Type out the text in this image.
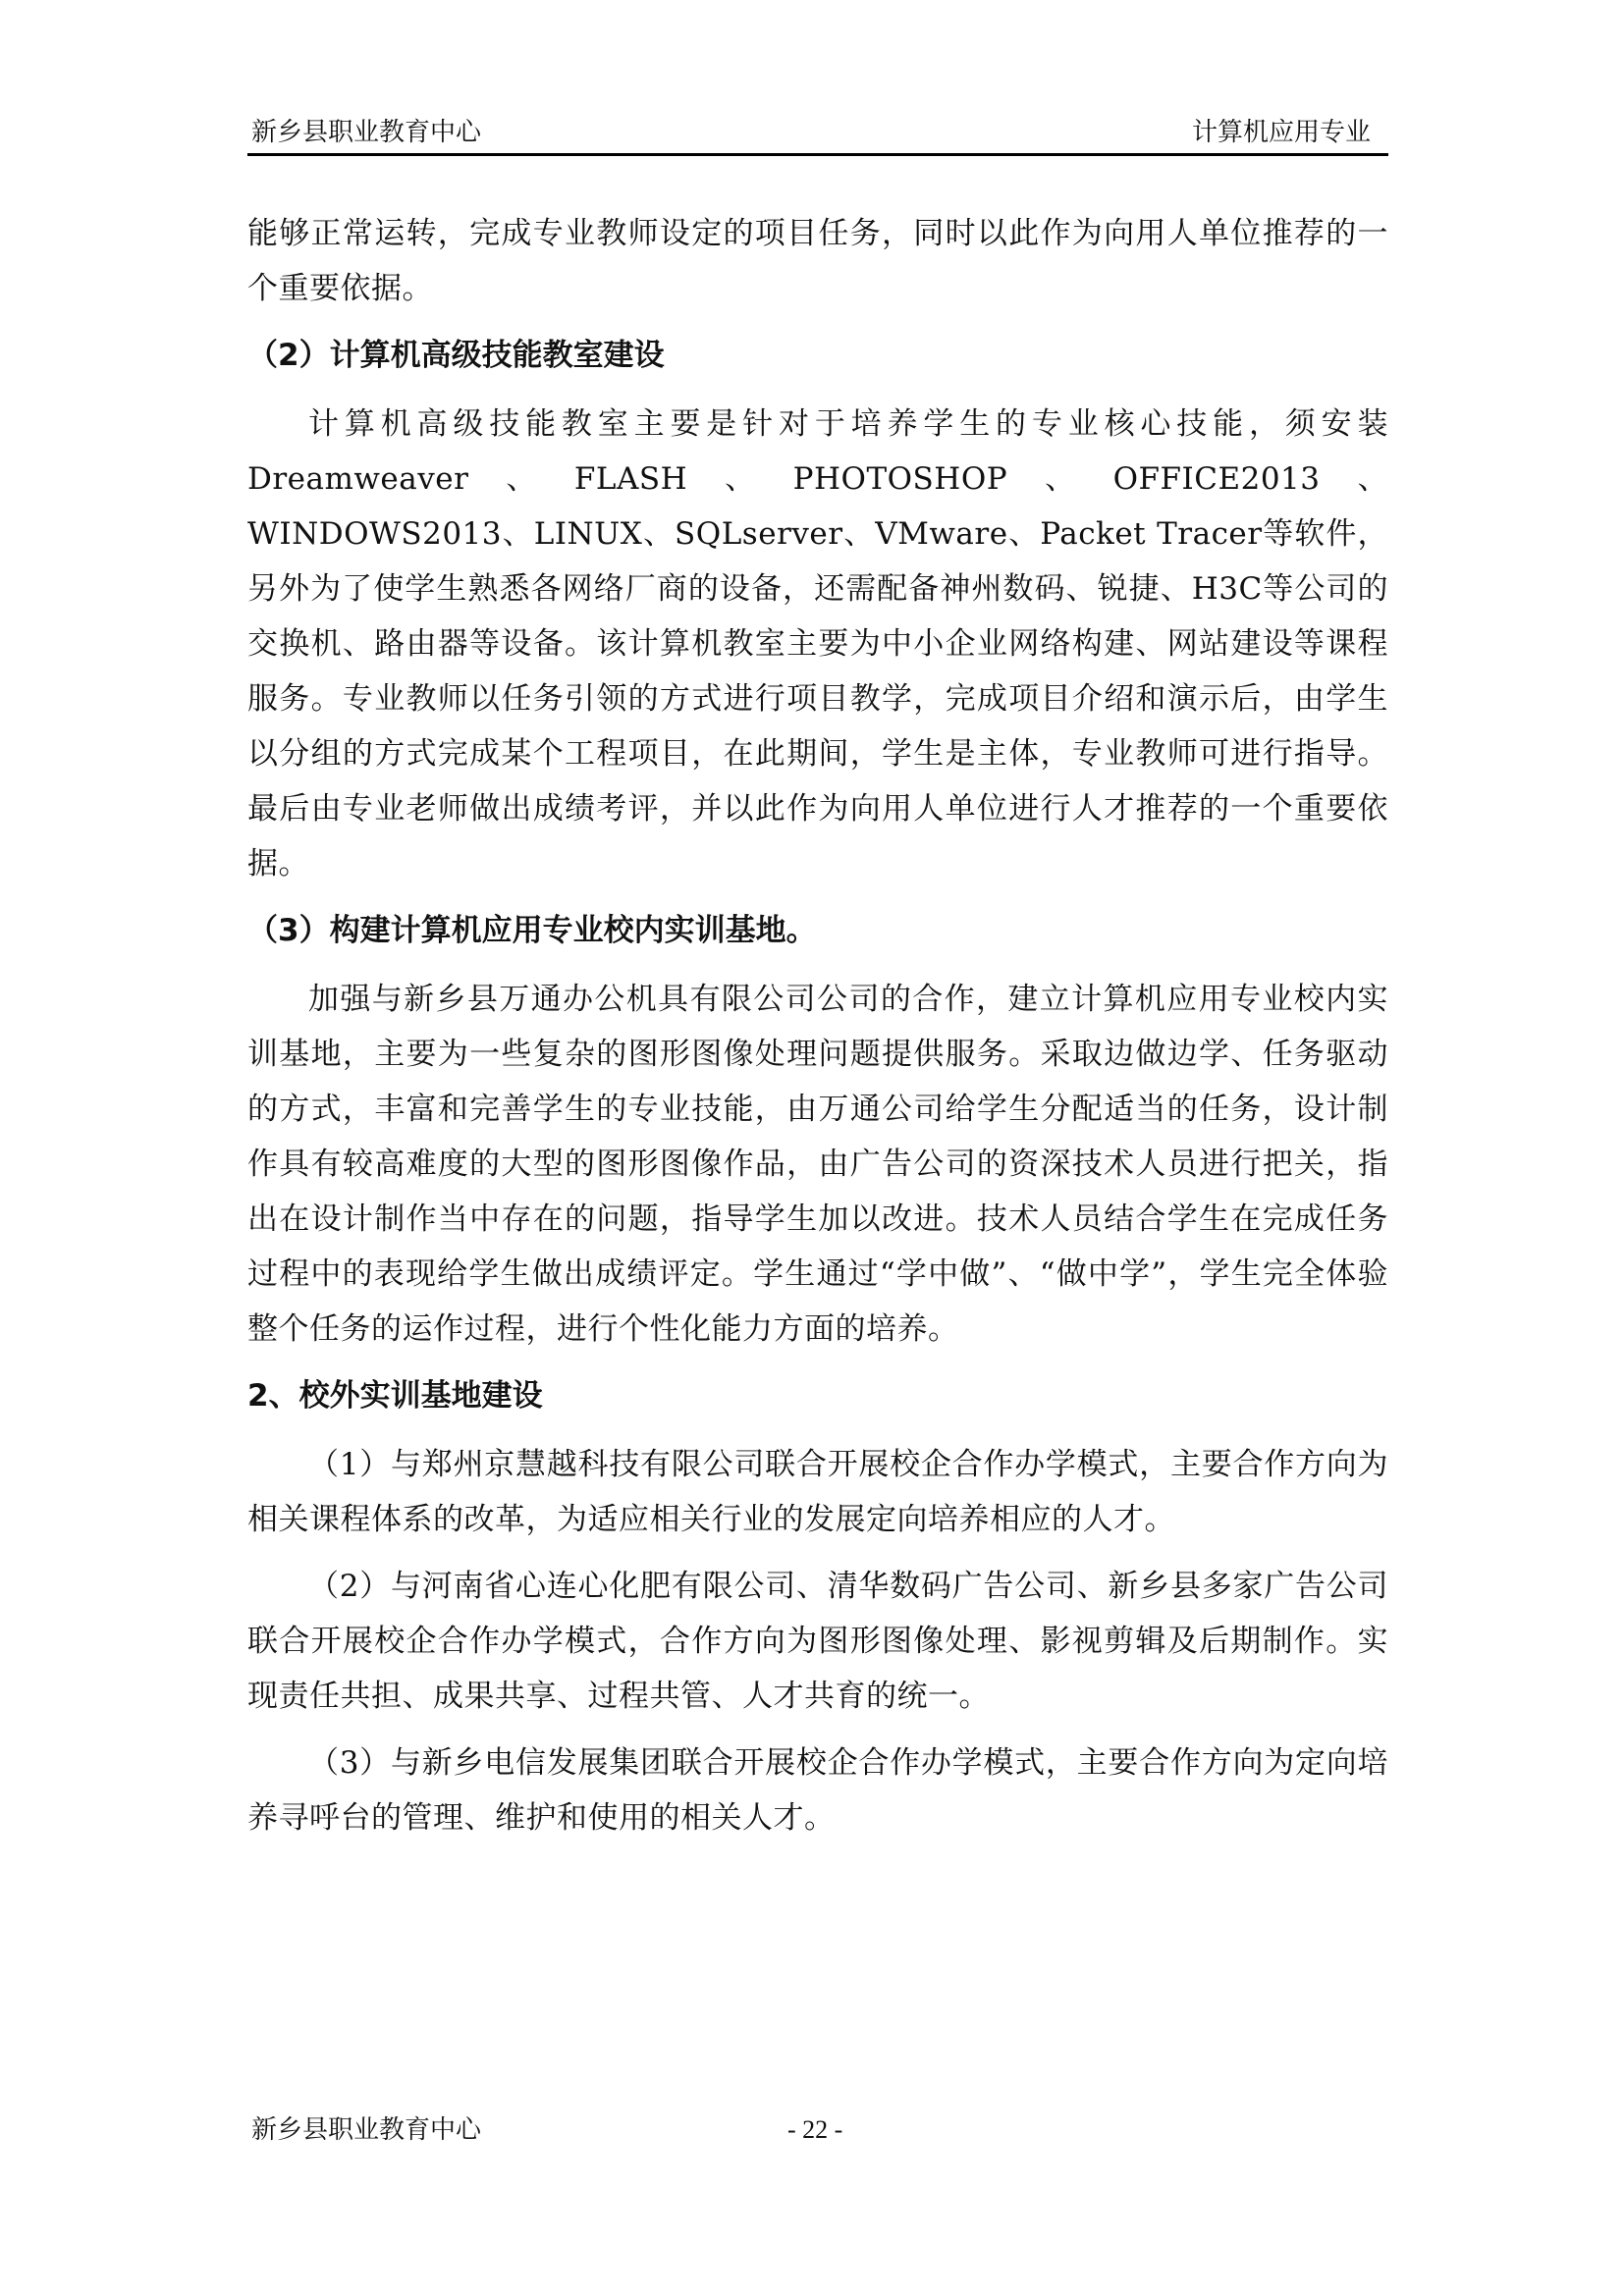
新乡县职业教育中心	计算机应用专业

能够正常运转，完成专业教师设定的项目任务，同时以此作为向用人单位推荐的一个重要依据。

（2）计算机高级技能教室建设

计算机高级技能教室主要是针对于培养学生的专业核心技能，须安装Dreamweaver、FLASH、PHOTOSHOP、OFFICE2013、WINDOWS2013、LINUX、SQLserver、VMware、Packet Tracer等软件，另外为了使学生熟悉各网络厂商的设备，还需配备神州数码、锐捷、H3C等公司的交换机、路由器等设备。该计算机教室主要为中小企业网络构建、网站建设等课程服务。专业教师以任务引领的方式进行项目教学，完成项目介绍和演示后，由学生以分组的方式完成某个工程项目，在此期间，学生是主体，专业教师可进行指导。最后由专业老师做出成绩考评，并以此作为向用人单位进行人才推荐的一个重要依据。

（3）构建计算机应用专业校内实训基地。

加强与新乡县万通办公机具有限公司公司的合作，建立计算机应用专业校内实训基地，主要为一些复杂的图形图像处理问题提供服务。采取边做边学、任务驱动的方式，丰富和完善学生的专业技能，由万通公司给学生分配适当的任务，设计制作具有较高难度的大型的图形图像作品，由广告公司的资深技术人员进行把关，指出在设计制作当中存在的问题，指导学生加以改进。技术人员结合学生在完成任务过程中的表现给学生做出成绩评定。学生通过“学中做”、“做中学”，学生完全体验整个任务的运作过程，进行个性化能力方面的培养。

2、校外实训基地建设

（1）与郑州京慧越科技有限公司联合开展校企合作办学模式，主要合作方向为相关课程体系的改革，为适应相关行业的发展定向培养相应的人才。

（2）与河南省心连心化肥有限公司、清华数码广告公司、新乡县多家广告公司联合开展校企合作办学模式，合作方向为图形图像处理、影视剪辑及后期制作。实现责任共担、成果共享、过程共管、人才共育的统一。

（3）与新乡电信发展集团联合开展校企合作办学模式，主要合作方向为定向培养寻呼台的管理、维护和使用的相关人才。

新乡县职业教育中心	- 22 -
